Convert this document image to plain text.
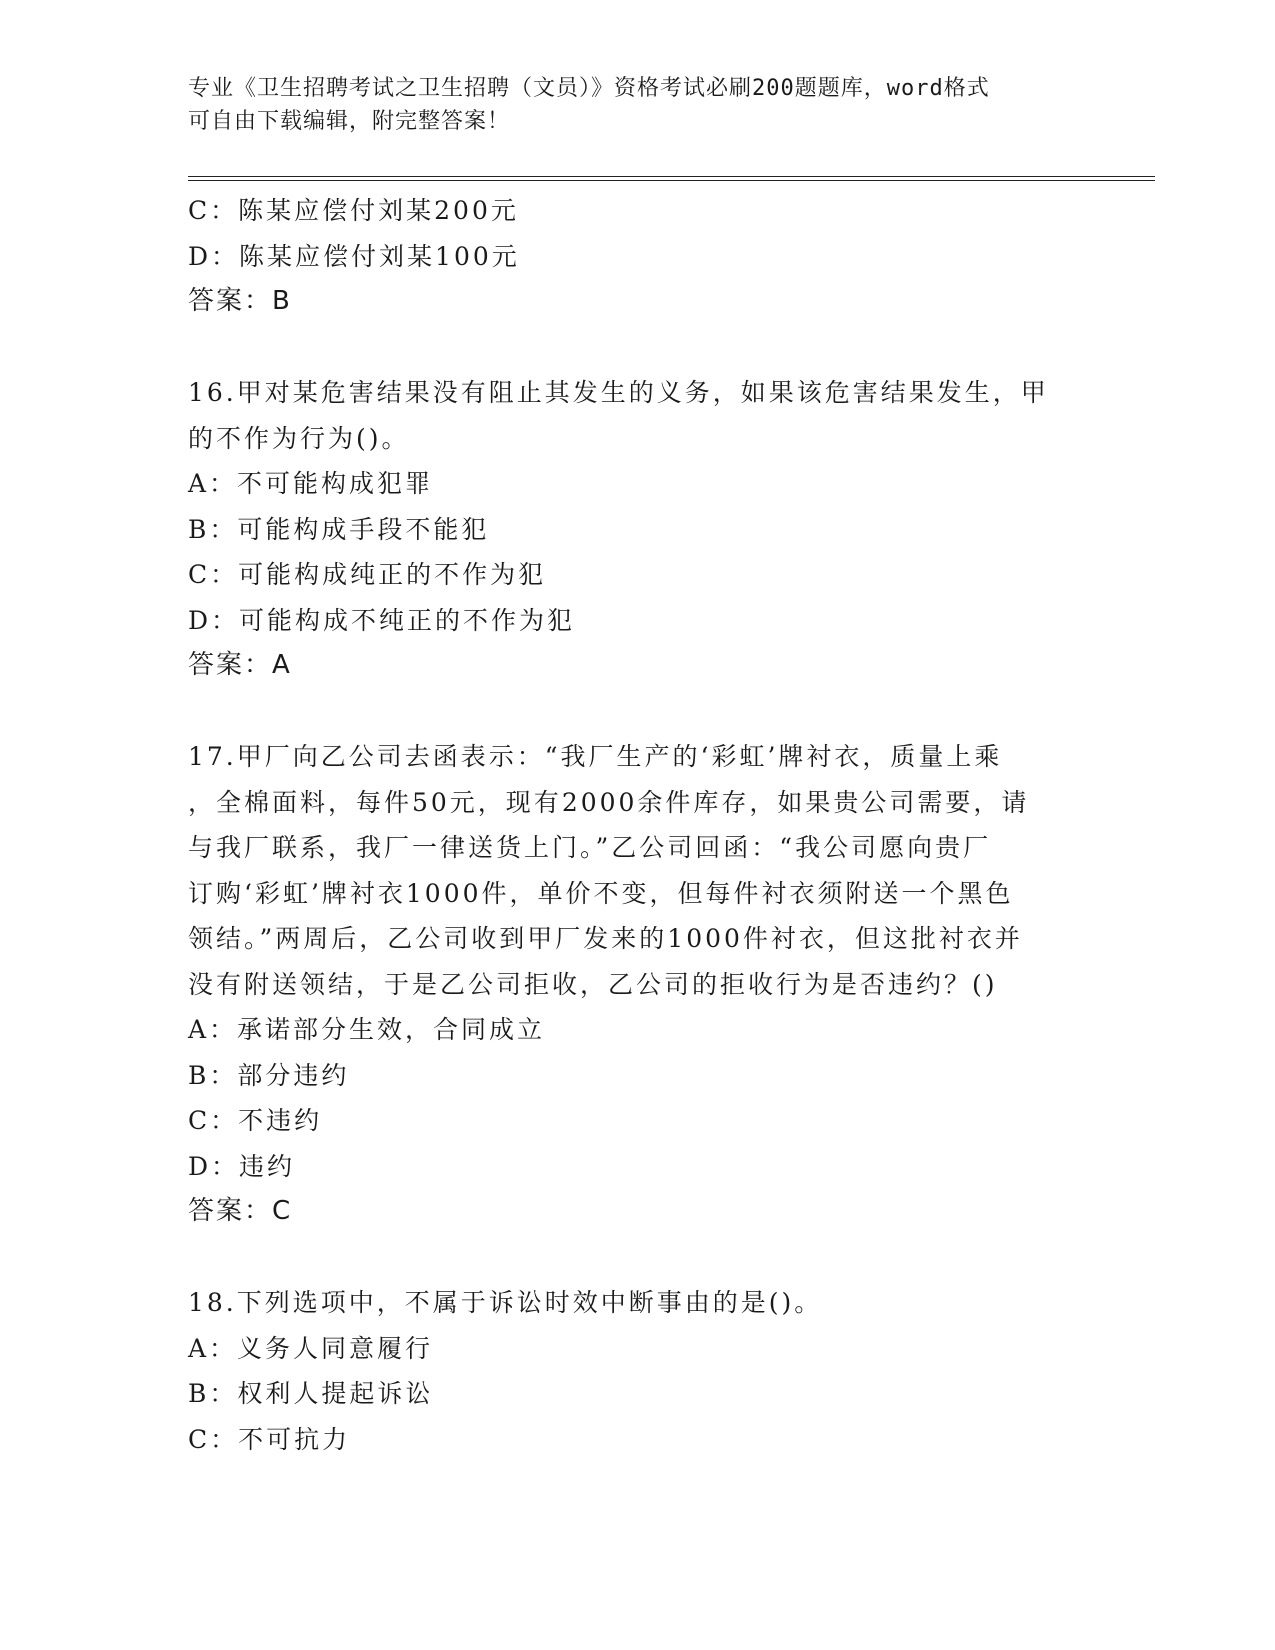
专业《卫生招聘考试之卫生招聘（文员）》资格考试必刷200题题库，word格式
可自由下载编辑，附完整答案！
C：陈某应偿付刘某200元
D：陈某应偿付刘某100元
答案：B
16.甲对某危害结果没有阻止其发生的义务，如果该危害结果发生，甲
的不作为行为()。
A：不可能构成犯罪
B：可能构成手段不能犯
C：可能构成纯正的不作为犯
D：可能构成不纯正的不作为犯
答案：A
17.甲厂向乙公司去函表示：“我厂生产的‘彩虹’牌衬衣，质量上乘
，全棉面料，每件50元，现有2000余件库存，如果贵公司需要，请
与我厂联系，我厂一律送货上门。”乙公司回函：“我公司愿向贵厂
订购‘彩虹’牌衬衣1000件，单价不变，但每件衬衣须附送一个黑色
领结。”两周后，乙公司收到甲厂发来的1000件衬衣，但这批衬衣并
没有附送领结，于是乙公司拒收，乙公司的拒收行为是否违约？()
A：承诺部分生效，合同成立
B：部分违约
C：不违约
D：违约
答案：C
18.下列选项中，不属于诉讼时效中断事由的是()。
A：义务人同意履行
B：权利人提起诉讼
C：不可抗力
